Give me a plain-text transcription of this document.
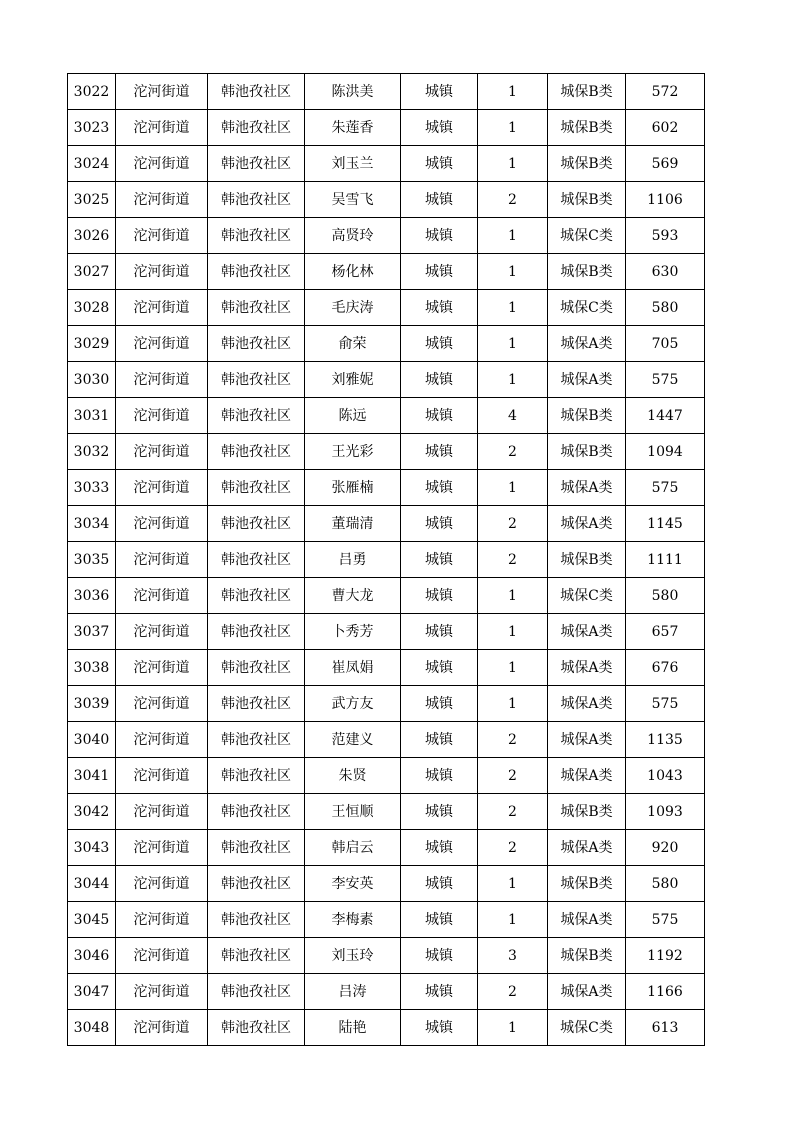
3022	沱河街道	韩池孜社区	陈洪美	城镇	1	城保B类	572
3023	沱河街道	韩池孜社区	朱莲香	城镇	1	城保B类	602
3024	沱河街道	韩池孜社区	刘玉兰	城镇	1	城保B类	569
3025	沱河街道	韩池孜社区	吴雪飞	城镇	2	城保B类	1106
3026	沱河街道	韩池孜社区	高贤玲	城镇	1	城保C类	593
3027	沱河街道	韩池孜社区	杨化林	城镇	1	城保B类	630
3028	沱河街道	韩池孜社区	毛庆涛	城镇	1	城保C类	580
3029	沱河街道	韩池孜社区	俞荣	城镇	1	城保A类	705
3030	沱河街道	韩池孜社区	刘雅妮	城镇	1	城保A类	575
3031	沱河街道	韩池孜社区	陈远	城镇	4	城保B类	1447
3032	沱河街道	韩池孜社区	王光彩	城镇	2	城保B类	1094
3033	沱河街道	韩池孜社区	张雁楠	城镇	1	城保A类	575
3034	沱河街道	韩池孜社区	董瑞清	城镇	2	城保A类	1145
3035	沱河街道	韩池孜社区	吕勇	城镇	2	城保B类	1111
3036	沱河街道	韩池孜社区	曹大龙	城镇	1	城保C类	580
3037	沱河街道	韩池孜社区	卜秀芳	城镇	1	城保A类	657
3038	沱河街道	韩池孜社区	崔凤娟	城镇	1	城保A类	676
3039	沱河街道	韩池孜社区	武方友	城镇	1	城保A类	575
3040	沱河街道	韩池孜社区	范建义	城镇	2	城保A类	1135
3041	沱河街道	韩池孜社区	朱贤	城镇	2	城保A类	1043
3042	沱河街道	韩池孜社区	王恒顺	城镇	2	城保B类	1093
3043	沱河街道	韩池孜社区	韩启云	城镇	2	城保A类	920
3044	沱河街道	韩池孜社区	李安英	城镇	1	城保B类	580
3045	沱河街道	韩池孜社区	李梅素	城镇	1	城保A类	575
3046	沱河街道	韩池孜社区	刘玉玲	城镇	3	城保B类	1192
3047	沱河街道	韩池孜社区	吕涛	城镇	2	城保A类	1166
3048	沱河街道	韩池孜社区	陆艳	城镇	1	城保C类	613
